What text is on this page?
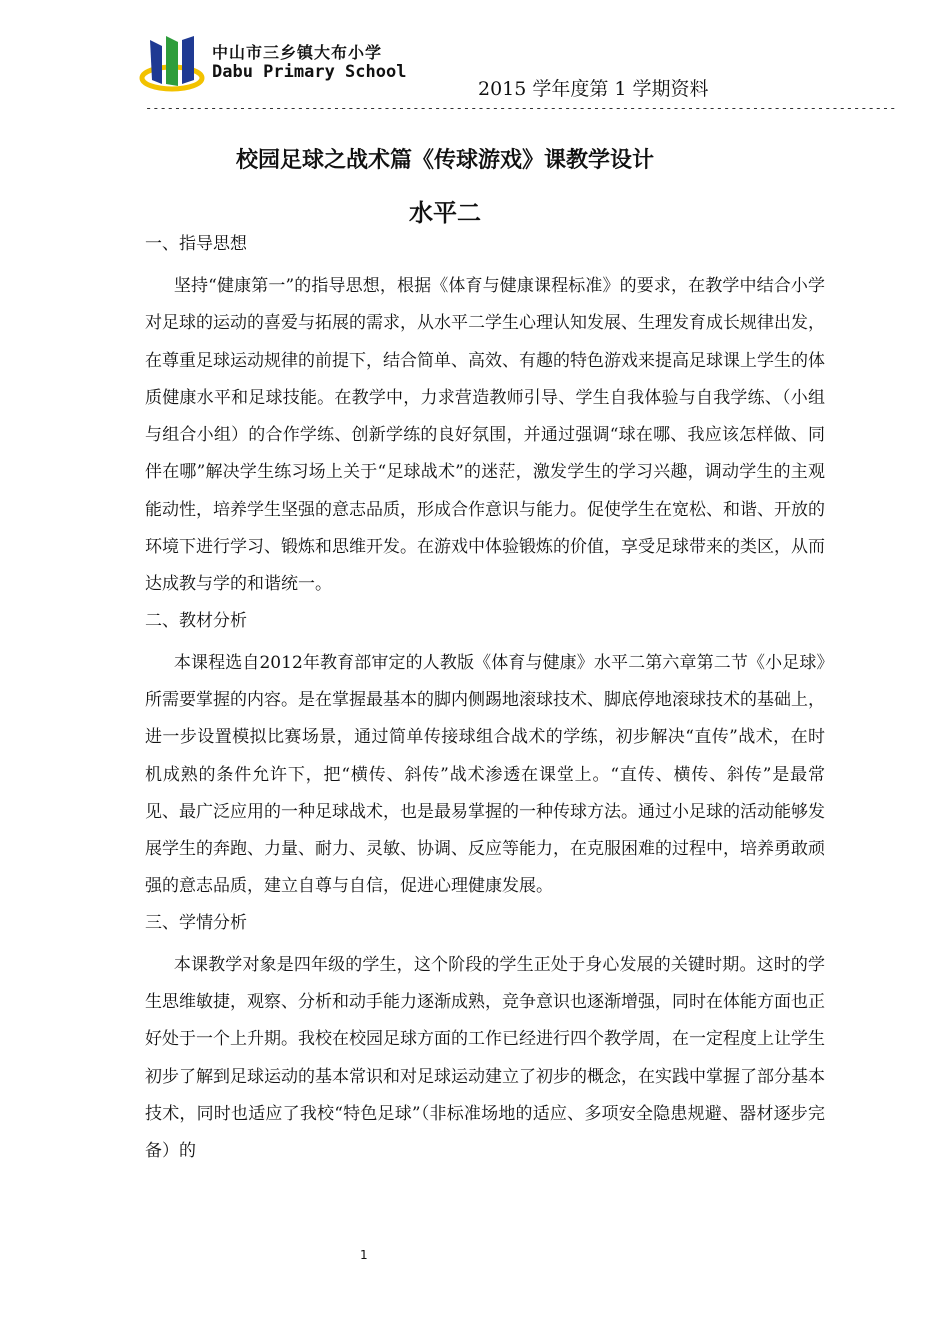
中山市三乡镇大布小学
Dabu Primary School
2015 学年度第 1 学期资料
--------------------------------------------------------------------------------------------------------
校园足球之战术篇《传球游戏》课教学设计
水平二
一、指导思想

坚持“健康第一”的指导思想，根据《体育与健康课程标准》的要求，在教学中结合小学对足球的运动的喜爱与拓展的需求，从水平二学生心理认知发展、生理发育成长规律出发，在尊重足球运动规律的前提下，结合简单、高效、有趣的特色游戏来提高足球课上学生的体质健康水平和足球技能。在教学中，力求营造教师引导、学生自我体验与自我学练、（小组与组合小组）的合作学练、创新学练的良好氛围，并通过强调“球在哪、我应该怎样做、同伴在哪”解决学生练习场上关于“足球战术”的迷茫，激发学生的学习兴趣，调动学生的主观能动性，培养学生坚强的意志品质，形成合作意识与能力。促使学生在宽松、和谐、开放的环境下进行学习、锻炼和思维开发。在游戏中体验锻炼的价值，享受足球带来的类区，从而达成教与学的和谐统一。

二、教材分析

本课程选自2012年教育部审定的人教版《体育与健康》水平二第六章第二节《小足球》所需要掌握的内容。是在掌握最基本的脚内侧踢地滚球技术、脚底停地滚球技术的基础上，进一步设置模拟比赛场景，通过简单传接球组合战术的学练，初步解决“直传”战术，在时机成熟的条件允许下，把“横传、斜传”战术渗透在课堂上。“直传、横传、斜传”是最常见、最广泛应用的一种足球战术，也是最易掌握的一种传球方法。通过小足球的活动能够发展学生的奔跑、力量、耐力、灵敏、协调、反应等能力，在克服困难的过程中，培养勇敢顽强的意志品质，建立自尊与自信，促进心理健康发展。

三、学情分析

本课教学对象是四年级的学生，这个阶段的学生正处于身心发展的关键时期。这时的学生思维敏捷，观察、分析和动手能力逐渐成熟，竞争意识也逐渐增强，同时在体能方面也正好处于一个上升期。我校在校园足球方面的工作已经进行四个教学周，在一定程度上让学生初步了解到足球运动的基本常识和对足球运动建立了初步的概念，在实践中掌握了部分基本技术，同时也适应了我校“特色足球”（非标准场地的适应、多项安全隐患规避、器材逐步完备）的

1
